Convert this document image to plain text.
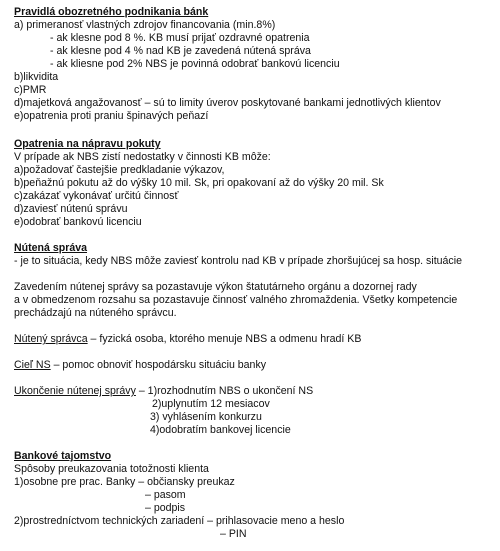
Pravidlá obozretného podnikania bánk
a) primeranosť vlastných zdrojov financovania (min.8%)
- ak klesne pod 8 %. KB musí prijať ozdravné opatrenia
- ak klesne pod 4 % nad KB je zavedená nútená správa
- ak kliesne pod 2% NBS je povinná odobrať bankovú licenciu
b)likvidita
c)PMR
d)majetková angažovanosť – sú to limity úverov poskytované bankami jednotlivých klientov
e)opatrenia proti praniu špinavých peňazí
Opatrenia na nápravu pokuty
V prípade ak NBS zistí nedostatky v činnosti KB môže:
a)požadovať častejšie predkladanie výkazov,
b)peňažnú pokutu až do výšky 10 mil. Sk, pri opakovaní až do výšky 20 mil. Sk
c)zakázať vykonávať určitú činnosť
d)zaviesť nútenú správu
e)odobrať bankovú licenciu
Nútená správa
- je to situácia, kedy NBS môže zaviesť kontrolu nad KB v prípade zhoršujúcej sa hosp. situácie
Zavedením nútenej správy sa pozastavuje výkon štatutárneho orgánu a dozornej rady
a v obmedzenom rozsahu sa pozastavuje činnosť valného zhromaždenia. Všetky kompetencie
prechádzajú na núteného správcu.
Nútený správca – fyzická osoba, ktorého menuje NBS a odmenu hradí KB
Cieľ NS – pomoc obnoviť hospodársku situáciu banky
Ukončenie nútenej správy – 1)rozhodnutím NBS o ukončení NS
2)uplynutím 12 mesiacov
3) vyhlásením konkurzu
4)odobratím bankovej licencie
Bankové tajomstvo
Spôsoby preukazovania totožnosti klienta
1)osobne pre prac. Banky – občiansky preukaz
– pasom
– podpis
2)prostredníctvom technických zariadení – prihlasovacie meno a heslo
– PIN
